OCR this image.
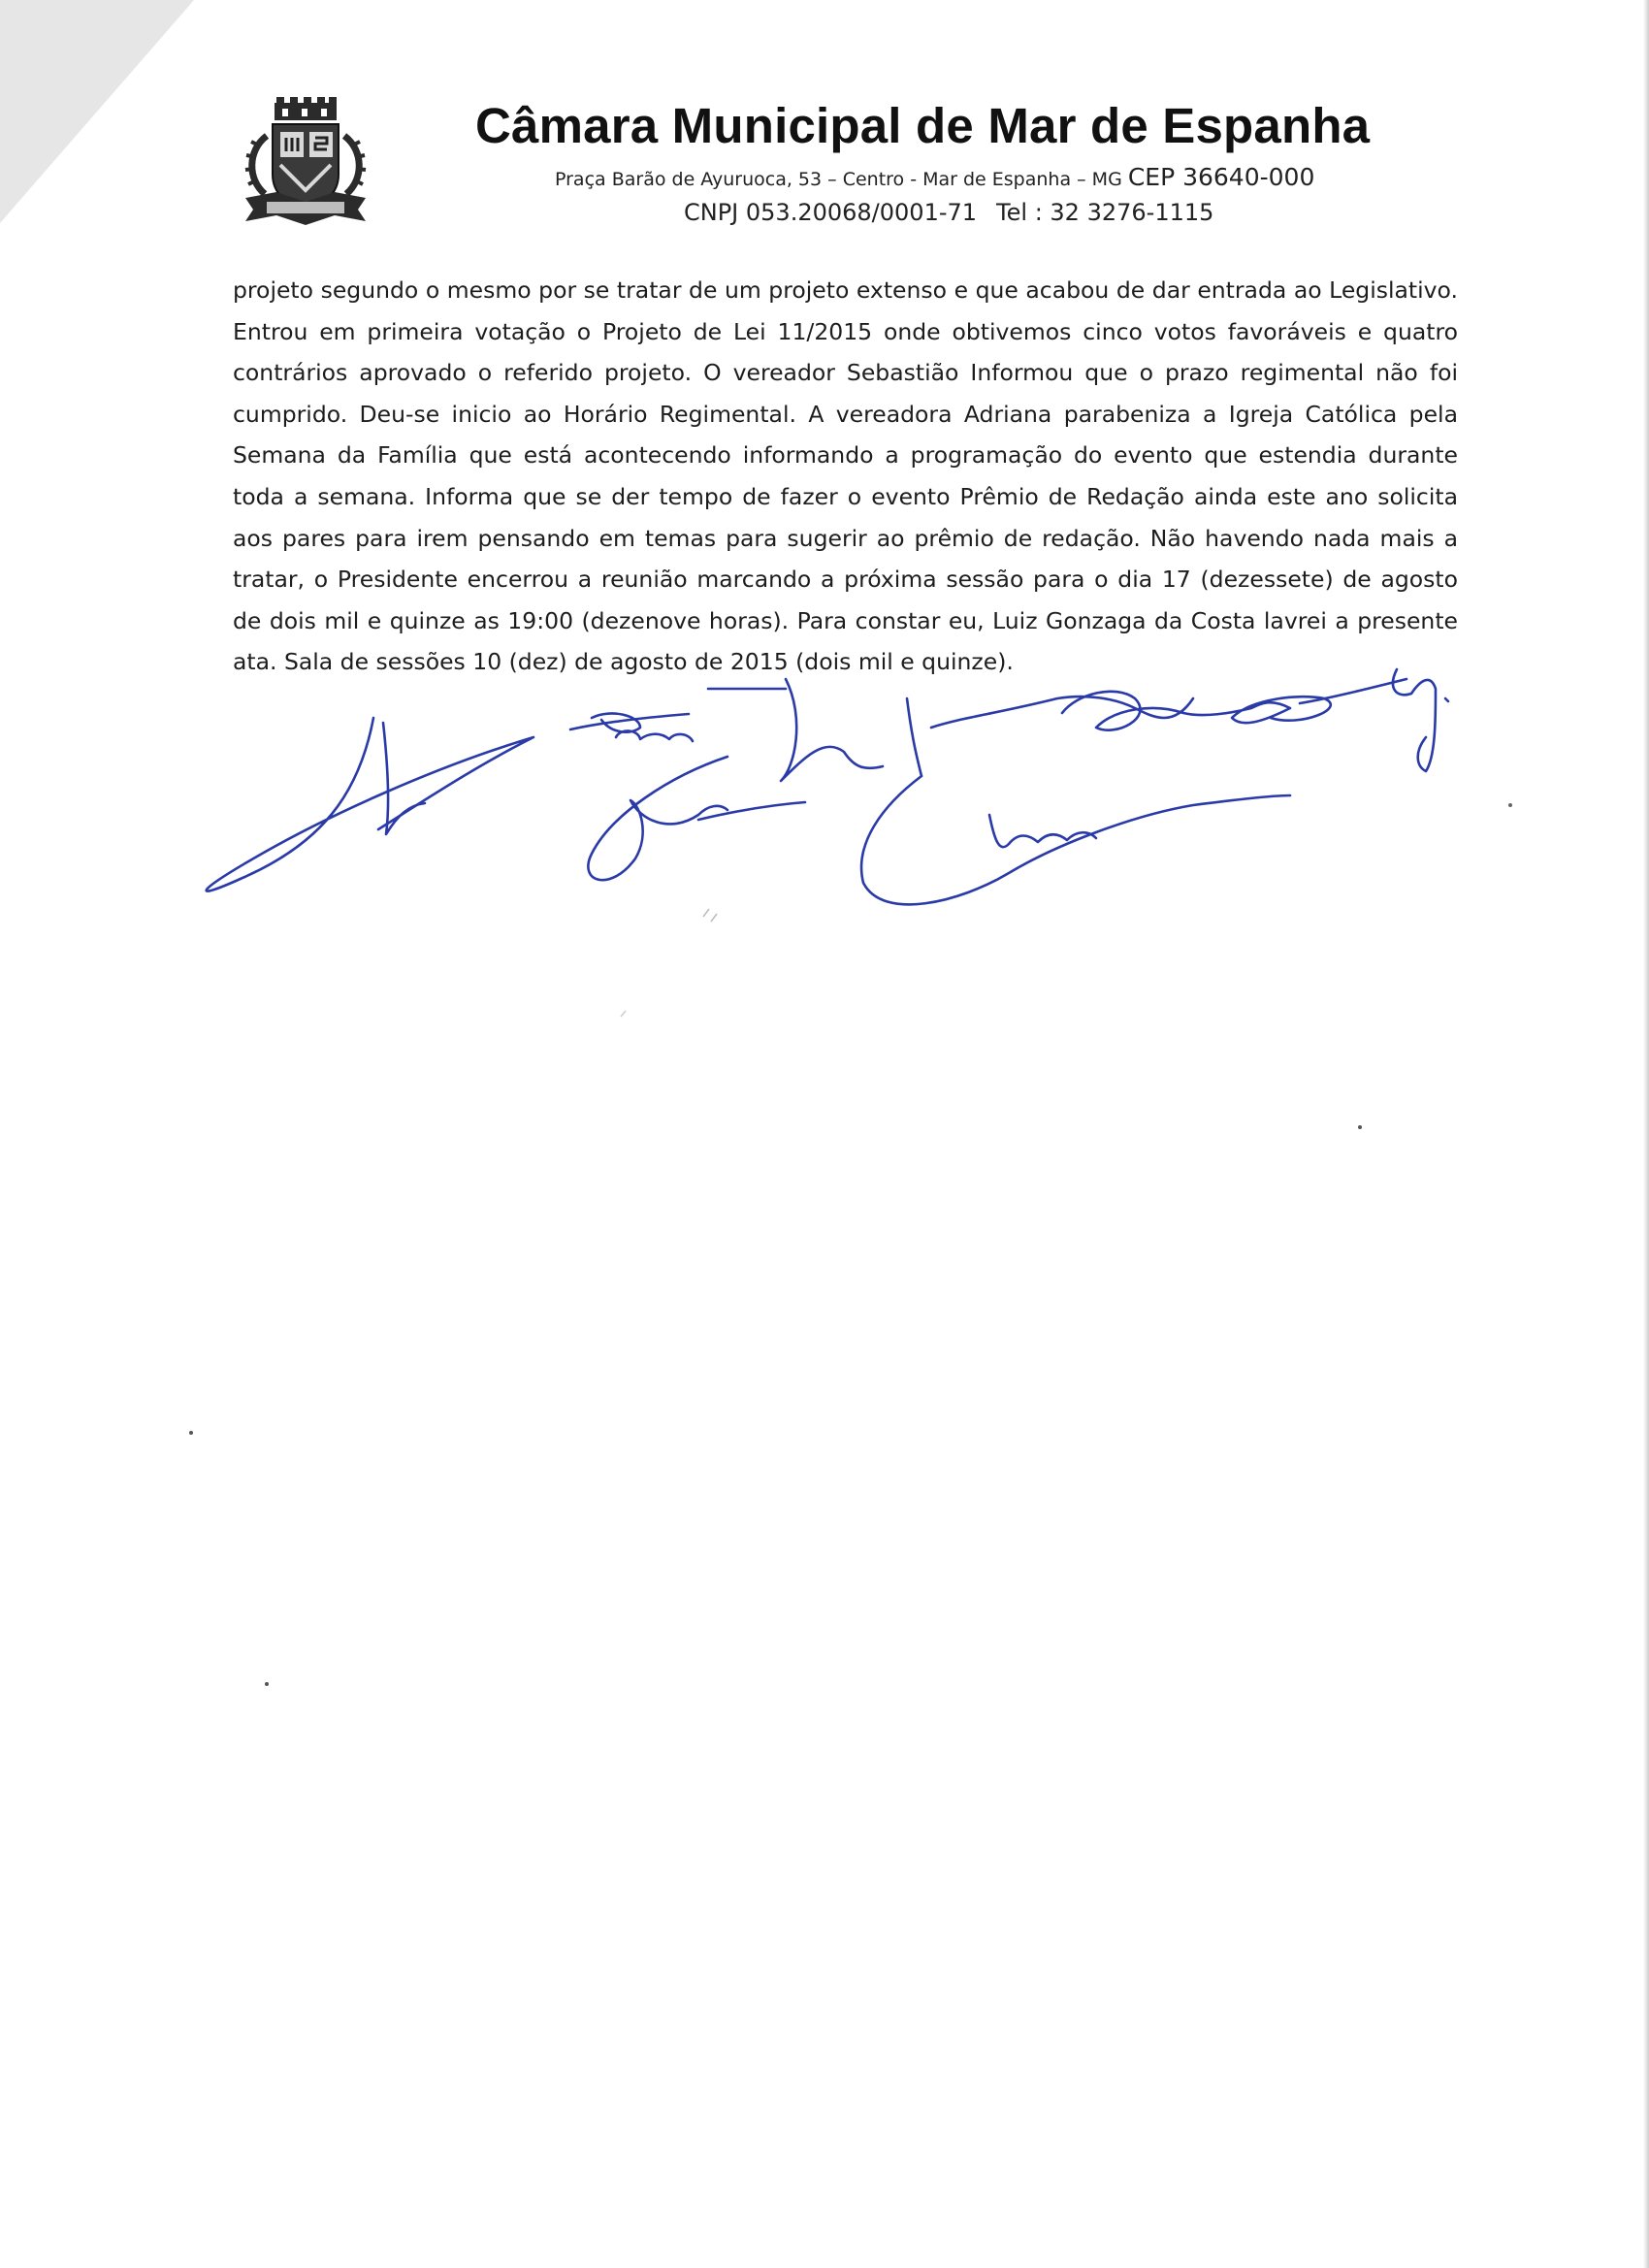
Câmara Municipal de Mar de Espanha
Praça Barão de Ayuruoca, 53 – Centro - Mar de Espanha – MG CEP 36640-000
CNPJ 053.20068/0001-71 Tel : 32 3276-1115

projeto segundo o mesmo por se tratar de um projeto extenso e que acabou de dar entrada ao Legislativo. Entrou em primeira votação o Projeto de Lei 11/2015 onde obtivemos cinco votos favoráveis e quatro contrários aprovado o referido projeto. O vereador Sebastião Informou que o prazo regimental não foi cumprido. Deu-se inicio ao Horário Regimental. A vereadora Adriana parabeniza a Igreja Católica pela Semana da Família que está acontecendo informando a programação do evento que estendia durante toda a semana. Informa que se der tempo de fazer o evento Prêmio de Redação ainda este ano solicita aos pares para irem pensando em temas para sugerir ao prêmio de redação. Não havendo nada mais a tratar, o Presidente encerrou a reunião marcando a próxima sessão para o dia 17 (dezessete) de agosto de dois mil e quinze as 19:00 (dezenove horas). Para constar eu, Luiz Gonzaga da Costa lavrei a presente ata. Sala de sessões 10 (dez) de agosto de 2015 (dois mil e quinze).
